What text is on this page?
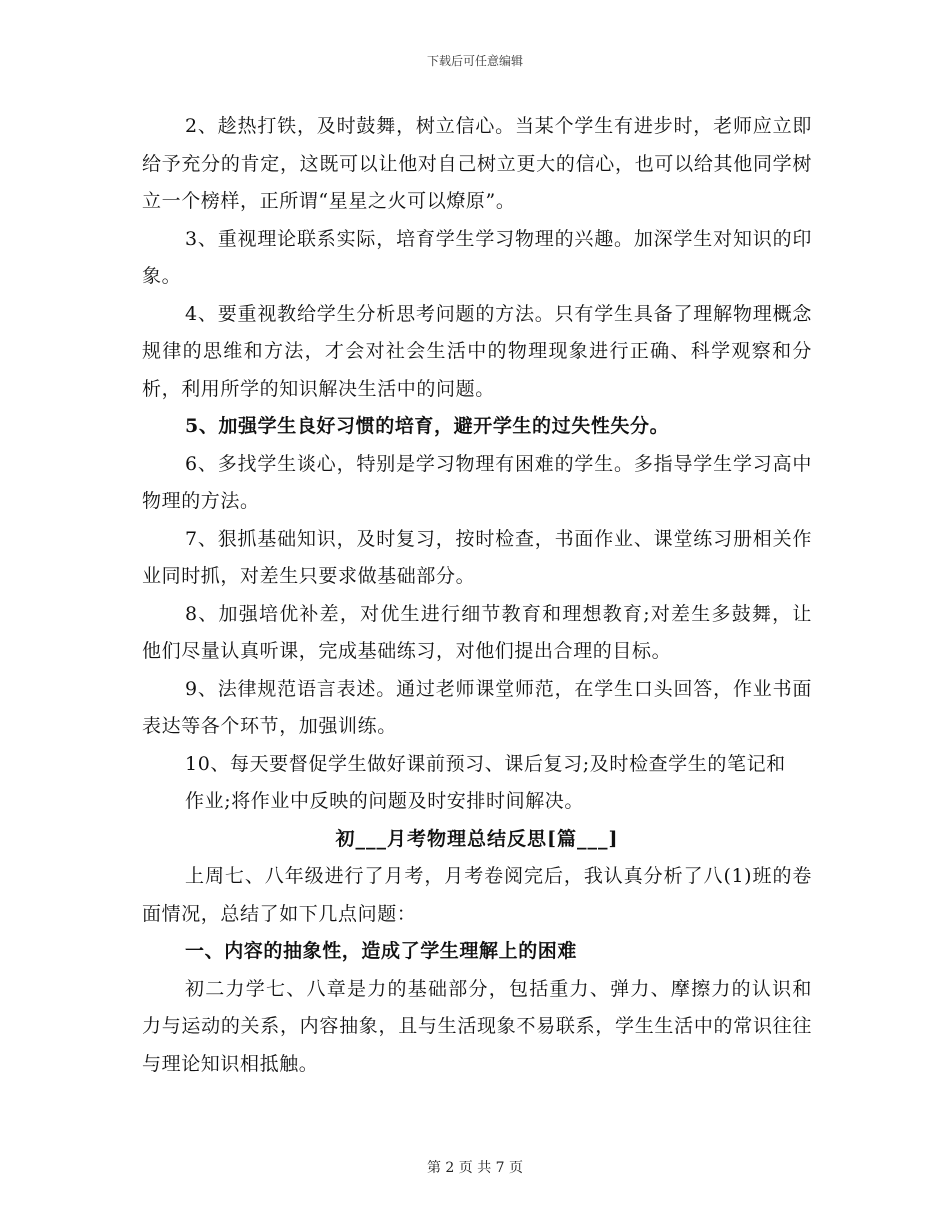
下载后可任意编辑

2、趁热打铁，及时鼓舞，树立信心。当某个学生有进步时，老师应立即给予充分的肯定，这既可以让他对自己树立更大的信心，也可以给其他同学树立一个榜样，正所谓“星星之火可以燎原”。

3、重视理论联系实际，培育学生学习物理的兴趣。加深学生对知识的印象。

4、要重视教给学生分析思考问题的方法。只有学生具备了理解物理概念规律的思维和方法，才会对社会生活中的物理现象进行正确、科学观察和分析，利用所学的知识解决生活中的问题。

5、加强学生良好习惯的培育，避开学生的过失性失分。

6、多找学生谈心，特别是学习物理有困难的学生。多指导学生学习高中物理的方法。

7、狠抓基础知识，及时复习，按时检查，书面作业、课堂练习册相关作业同时抓，对差生只要求做基础部分。

8、加强培优补差，对优生进行细节教育和理想教育;对差生多鼓舞，让他们尽量认真听课，完成基础练习，对他们提出合理的目标。

9、法律规范语言表述。通过老师课堂师范，在学生口头回答，作业书面表达等各个环节，加强训练。

10、每天要督促学生做好课前预习、课后复习;及时检查学生的笔记和

作业;将作业中反映的问题及时安排时间解决。

初___月考物理总结反思[篇___]

上周七、八年级进行了月考，月考卷阅完后，我认真分析了八(1)班的卷面情况，总结了如下几点问题：

一、内容的抽象性，造成了学生理解上的困难

初二力学七、八章是力的基础部分，包括重力、弹力、摩擦力的认识和力与运动的关系，内容抽象，且与生活现象不易联系，学生生活中的常识往往与理论知识相抵触。

第 2 页 共 7 页
